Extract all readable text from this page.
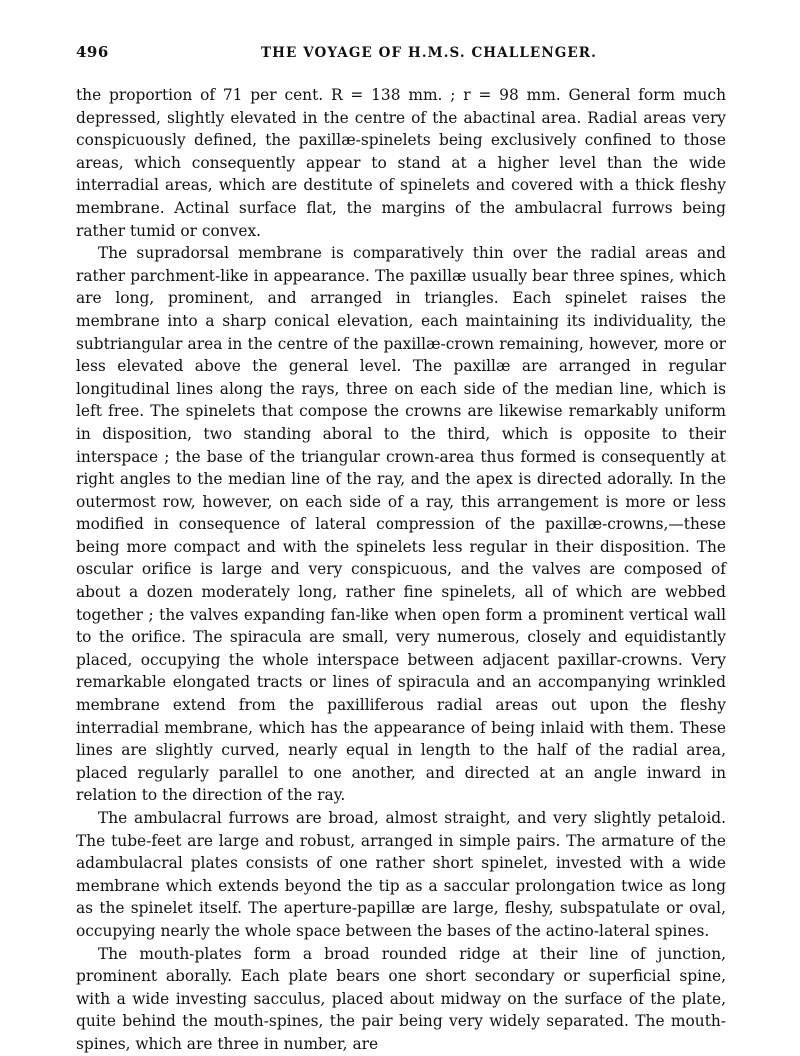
496	THE VOYAGE OF H.M.S. CHALLENGER.

the proportion of 71 per cent. R = 138 mm. ; r = 98 mm. General form much depressed, slightly elevated in the centre of the abactinal area. Radial areas very conspicuously defined, the paxillæ-spinelets being exclusively confined to those areas, which consequently appear to stand at a higher level than the wide interradial areas, which are destitute of spinelets and covered with a thick fleshy membrane. Actinal surface flat, the margins of the ambulacral furrows being rather tumid or convex.

The supradorsal membrane is comparatively thin over the radial areas and rather parchment-like in appearance. The paxillæ usually bear three spines, which are long, prominent, and arranged in triangles. Each spinelet raises the membrane into a sharp conical elevation, each maintaining its individuality, the subtriangular area in the centre of the paxillæ-crown remaining, however, more or less elevated above the general level. The paxillæ are arranged in regular longitudinal lines along the rays, three on each side of the median line, which is left free. The spinelets that compose the crowns are likewise remarkably uniform in disposition, two standing aboral to the third, which is opposite to their interspace ; the base of the triangular crown-area thus formed is consequently at right angles to the median line of the ray, and the apex is directed adorally. In the outermost row, however, on each side of a ray, this arrangement is more or less modified in consequence of lateral compression of the paxillæ-crowns,—these being more compact and with the spinelets less regular in their disposition. The oscular orifice is large and very conspicuous, and the valves are composed of about a dozen moderately long, rather fine spinelets, all of which are webbed together ; the valves expanding fan-like when open form a prominent vertical wall to the orifice. The spiracula are small, very numerous, closely and equidistantly placed, occupying the whole interspace between adjacent paxillar-crowns. Very remarkable elongated tracts or lines of spiracula and an accompanying wrinkled membrane extend from the paxilliferous radial areas out upon the fleshy interradial membrane, which has the appearance of being inlaid with them. These lines are slightly curved, nearly equal in length to the half of the radial area, placed regularly parallel to one another, and directed at an angle inward in relation to the direction of the ray.

The ambulacral furrows are broad, almost straight, and very slightly petaloid. The tube-feet are large and robust, arranged in simple pairs. The armature of the adambulacral plates consists of one rather short spinelet, invested with a wide membrane which extends beyond the tip as a saccular prolongation twice as long as the spinelet itself. The aperture-papillæ are large, fleshy, subspatulate or oval, occupying nearly the whole space between the bases of the actino-lateral spines.

The mouth-plates form a broad rounded ridge at their line of junction, prominent aborally. Each plate bears one short secondary or superficial spine, with a wide investing sacculus, placed about midway on the surface of the plate, quite behind the mouth-spines, the pair being very widely separated. The mouth-spines, which are three in number, are
